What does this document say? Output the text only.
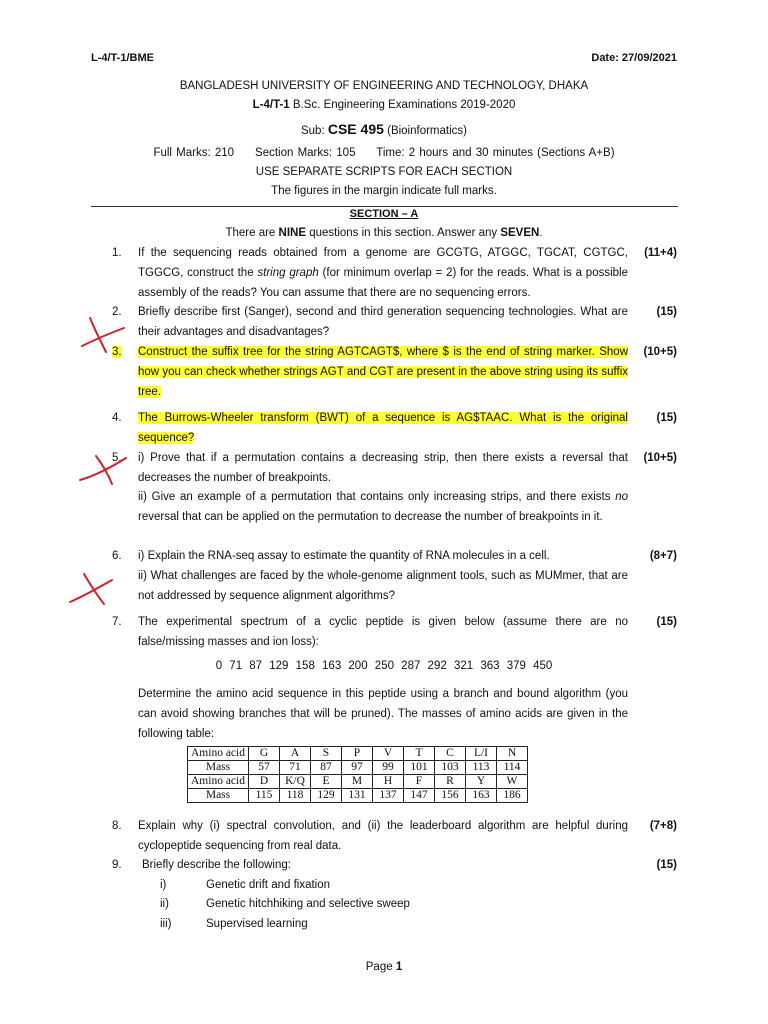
L-4/T-1/BME	Date: 27/09/2021
BANGLADESH UNIVERSITY OF ENGINEERING AND TECHNOLOGY, DHAKA
L-4/T-1 B.Sc. Engineering Examinations 2019-2020
Sub: CSE 495 (Bioinformatics)
Full Marks: 210 Section Marks: 105 Time: 2 hours and 30 minutes (Sections A+B)
USE SEPARATE SCRIPTS FOR EACH SECTION
The figures in the margin indicate full marks.
SECTION – A
There are NINE questions in this section. Answer any SEVEN.
1. If the sequencing reads obtained from a genome are GCGTG, ATGGC, TGCAT, CGTGC, TGGCG, construct the string graph (for minimum overlap = 2) for the reads. What is a possible assembly of the reads? You can assume that there are no sequencing errors.
(11+4)
2. Briefly describe first (Sanger), second and third generation sequencing technologies. What are their advantages and disadvantages?
(15)
3. Construct the suffix tree for the string AGTCAGT$, where $ is the end of string marker. Show how you can check whether strings AGT and CGT are present in the above string using its suffix tree.
(10+5)
4. The Burrows-Wheeler transform (BWT) of a sequence is AG$TAAC. What is the original sequence?
(15)
5. i) Prove that if a permutation contains a decreasing strip, then there exists a reversal that decreases the number of breakpoints.
(10+5)
ii) Give an example of a permutation that contains only increasing strips, and there exists no reversal that can be applied on the permutation to decrease the number of breakpoints in it.
6. i) Explain the RNA-seq assay to estimate the quantity of RNA molecules in a cell.	(8+7)
ii) What challenges are faced by the whole-genome alignment tools, such as MUMmer, that are not addressed by sequence alignment algorithms?
7. The experimental spectrum of a cyclic peptide is given below (assume there are no false/missing masses and ion loss):
(15)
0 71 87 129 158 163 200 250 287 292 321 363 379 450
Determine the amino acid sequence in this peptide using a branch and bound algorithm (you can avoid showing branches that will be pruned). The masses of amino acids are given in the following table:
Amino acid	G	A	S	P	V	T	C	L/I	N
Mass	57	71	87	97	99	101	103	113	114
Amino acid	D	K/Q	E	M	H	F	R	Y	W
Mass	115	118	129	131	137	147	156	163	186
8. Explain why (i) spectral convolution, and (ii) the leaderboard algorithm are helpful during cyclopeptide sequencing from real data.
(7+8)
9. Briefly describe the following:	(15)
i)	Genetic drift and fixation
ii)	Genetic hitchhiking and selective sweep
iii)	Supervised learning
Page 1
